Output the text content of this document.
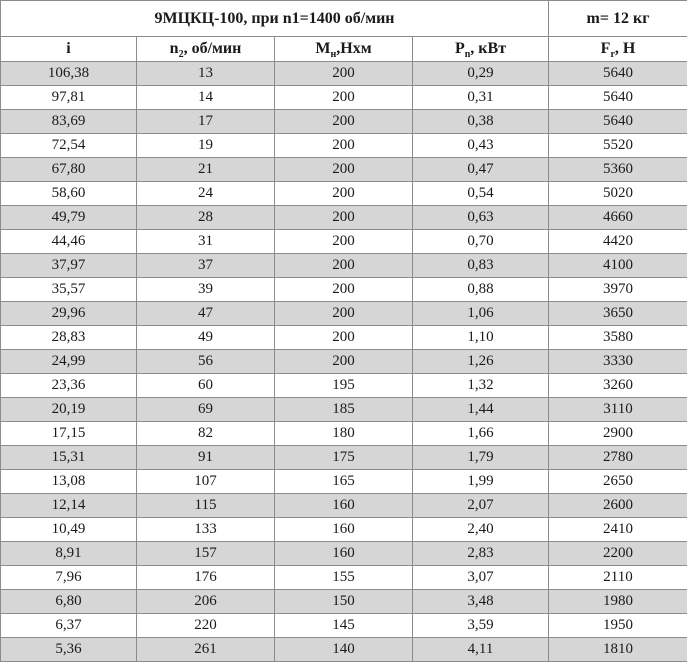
9МЦКЦ-100, при n1=1400 об/мин				m= 12 кг
i	$n_2$, об/мин	$M_н,Нхм$	$P_n$, кВт	$F_r$, Н
106,38	13	200	0,29	5640
97,81	14	200	0,31	5640
83,69	17	200	0,38	5640
72,54	19	200	0,43	5520
67,80	21	200	0,47	5360
58,60	24	200	0,54	5020
49,79	28	200	0,63	4660
44,46	31	200	0,70	4420
37,97	37	200	0,83	4100
35,57	39	200	0,88	3970
29,96	47	200	1,06	3650
28,83	49	200	1,10	3580
24,99	56	200	1,26	3330
23,36	60	195	1,32	3260
20,19	69	185	1,44	3110
17,15	82	180	1,66	2900
15,31	91	175	1,79	2780
13,08	107	165	1,99	2650
12,14	115	160	2,07	2600
10,49	133	160	2,40	2410
8,91	157	160	2,83	2200
7,96	176	155	3,07	2110
6,80	206	150	3,48	1980
6,37	220	145	3,59	1950
5,36	261	140	4,11	1810
